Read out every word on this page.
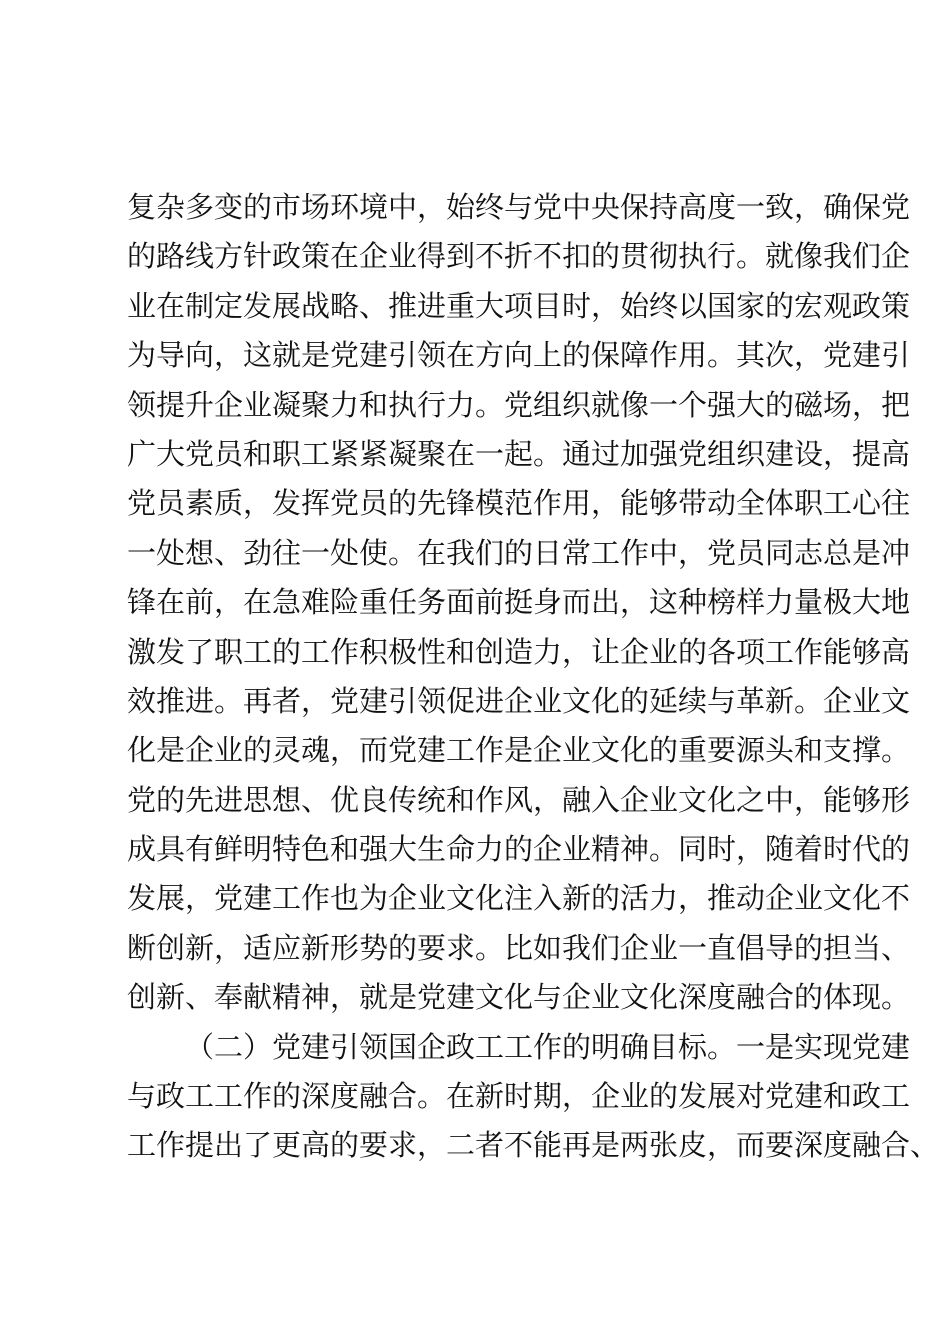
复杂多变的市场环境中，始终与党中央保持高度一致，确保党
的路线方针政策在企业得到不折不扣的贯彻执行。就像我们企
业在制定发展战略、推进重大项目时，始终以国家的宏观政策
为导向，这就是党建引领在方向上的保障作用。其次，党建引
领提升企业凝聚力和执行力。党组织就像一个强大的磁场，把
广大党员和职工紧紧凝聚在一起。通过加强党组织建设，提高
党员素质，发挥党员的先锋模范作用，能够带动全体职工心往
一处想、劲往一处使。在我们的日常工作中，党员同志总是冲
锋在前，在急难险重任务面前挺身而出，这种榜样力量极大地
激发了职工的工作积极性和创造力，让企业的各项工作能够高
效推进。再者，党建引领促进企业文化的延续与革新。企业文
化是企业的灵魂，而党建工作是企业文化的重要源头和支撑。
党的先进思想、优良传统和作风，融入企业文化之中，能够形
成具有鲜明特色和强大生命力的企业精神。同时，随着时代的
发展，党建工作也为企业文化注入新的活力，推动企业文化不
断创新，适应新形势的要求。比如我们企业一直倡导的担当、
创新、奉献精神，就是党建文化与企业文化深度融合的体现。
（二）党建引领国企政工工作的明确目标。一是实现党建
与政工工作的深度融合。在新时期，企业的发展对党建和政工
工作提出了更高的要求，二者不能再是两张皮，而要深度融合、
